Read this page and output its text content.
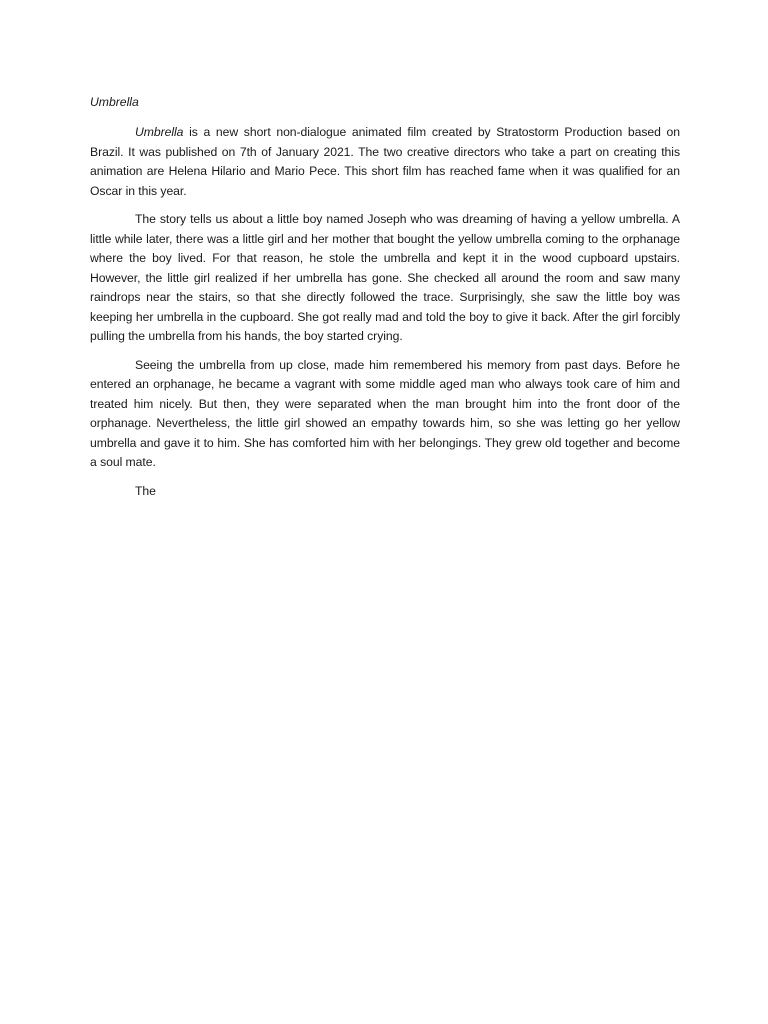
Umbrella

Umbrella is a new short non-dialogue animated film created by Stratostorm Production based on Brazil. It was published on 7th of January 2021. The two creative directors who take a part on creating this animation are Helena Hilario and Mario Pece. This short film has reached fame when it was qualified for an Oscar in this year.

The story tells us about a little boy named Joseph who was dreaming of having a yellow umbrella. A little while later, there was a little girl and her mother that bought the yellow umbrella coming to the orphanage where the boy lived. For that reason, he stole the umbrella and kept it in the wood cupboard upstairs. However, the little girl realized if her umbrella has gone. She checked all around the room and saw many raindrops near the stairs, so that she directly followed the trace. Surprisingly, she saw the little boy was keeping her umbrella in the cupboard. She got really mad and told the boy to give it back. After the girl forcibly pulling the umbrella from his hands, the boy started crying.

Seeing the umbrella from up close, made him remembered his memory from past days. Before he entered an orphanage, he became a vagrant with some middle aged man who always took care of him and treated him nicely. But then, they were separated when the man brought him into the front door of the orphanage. Nevertheless, the little girl showed an empathy towards him, so she was letting go her yellow umbrella and gave it to him. She has comforted him with her belongings. They grew old together and become a soul mate.

The
